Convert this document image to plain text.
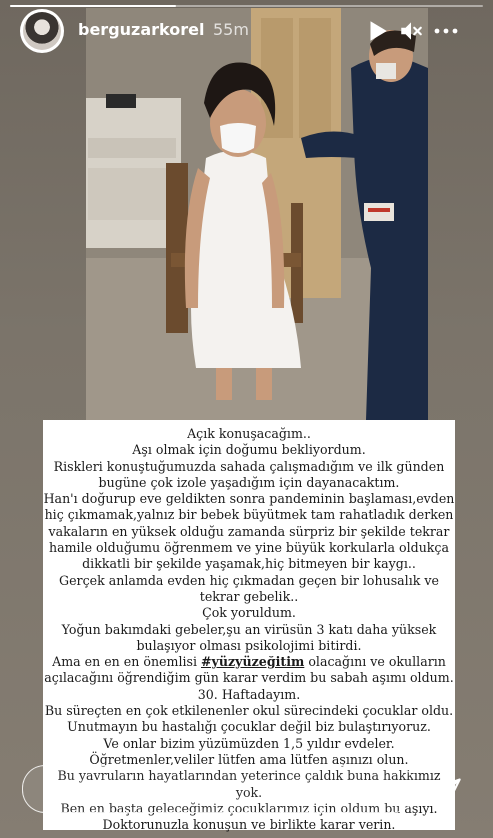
berguzarkorel 55m

Açık konuşacağım..

Aşı olmak için doğumu bekliyordum.

Riskleri konuştuğumuzda sahada çalışmadığım ve ilk günden bugüne çok izole yaşadığım için dayanacaktım.

Han'ı doğurup eve geldikten sonra pandeminin başlaması,evden hiç çıkmamak,yalnız bir bebek büyütmek tam rahatladık derken vakaların en yüksek olduğu zamanda sürpriz bir şekilde tekrar hamile olduğumu öğrenmem ve yine büyük korkularla oldukça dikkatli bir şekilde yaşamak,hiç bitmeyen bir kaygı..

Gerçek anlamda evden hiç çıkmadan geçen bir lohusalık ve tekrar gebelik..

Çok yoruldum.

Yoğun bakımdaki gebeler,şu an virüsün 3 katı daha yüksek bulaşıyor olması psikolojimi bitirdi.

Ama en en en önemlisi #yüzyüzeğitim olacağını ve okulların açılacağını öğrendiğim gün karar verdim bu sabah aşımı oldum.

30. Haftadayım.

Bu süreçten en çok etkilenenler okul sürecindeki çocuklar oldu.

Unutmayın bu hastalığı çocuklar değil biz bulaştırıyoruz.

Ve onlar bizim yüzümüzden 1,5 yıldır evdeler.

Öğretmenler,veliler lütfen ama lütfen aşınızı olun.

Bu yavruların hayatlarından yeterince çaldık buna hakkımız yok.

Ben en başta geleceğimiz çocuklarımız için oldum bu aşıyı.

Doktorunuzla konuşun ve birlikte karar verin.

Reply to berguzarkorel...
